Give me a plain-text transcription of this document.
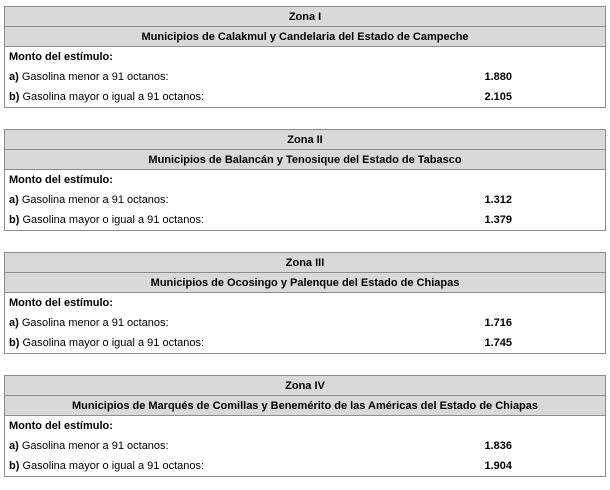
Zona I	
Municipios de Calakmul y Candelaria del Estado de Campeche	
Monto del estímulo:	
a) Gasolina menor a 91 octanos:	1.880
b) Gasolina mayor o igual a 91 octanos:	2.105
Zona II	
Municipios de Balancán y Tenosique del Estado de Tabasco	
Monto del estímulo:	
a) Gasolina menor a 91 octanos:	1.312
b) Gasolina mayor o igual a 91 octanos:	1.379
Zona III	
Municipios de Ocosingo y Palenque del Estado de Chiapas	
Monto del estímulo:	
a) Gasolina menor a 91 octanos:	1.716
b) Gasolina mayor o igual a 91 octanos:	1.745
Zona IV	
Municipios de Marqués de Comillas y Benemérito de las Américas del Estado de Chiapas	
Monto del estímulo:	
a) Gasolina menor a 91 octanos:	1.836
b) Gasolina mayor o igual a 91 octanos:	1.904
